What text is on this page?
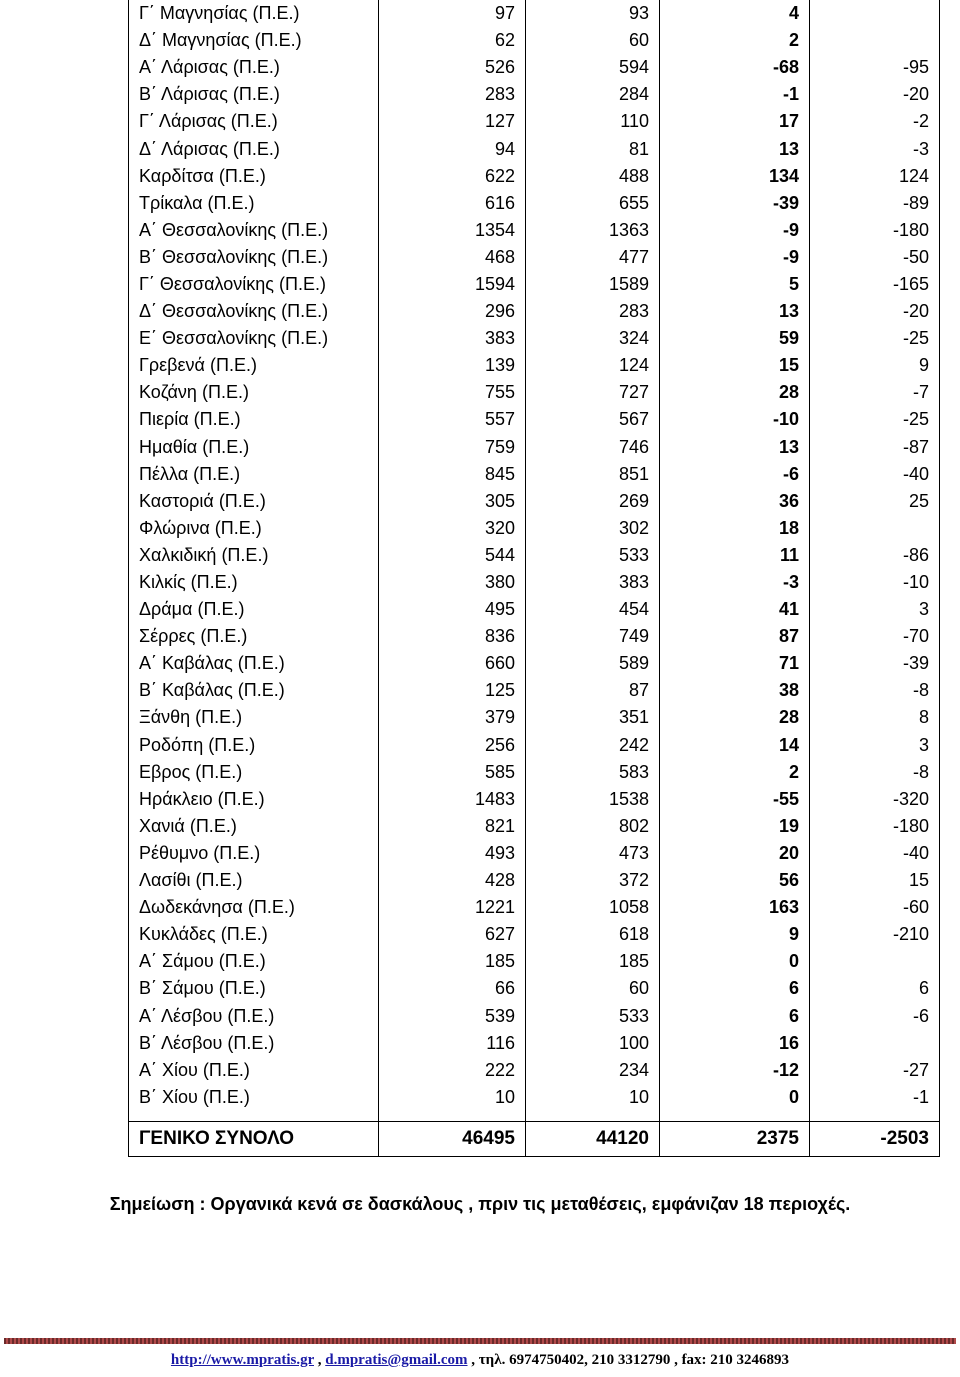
Γ΄ Μαγνησίας (Π.Ε.)	97	93	4	
Δ΄ Μαγνησίας (Π.Ε.)	62	60	2	
Α΄ Λάρισας (Π.Ε.)	526	594	-68	-95
Β΄ Λάρισας (Π.Ε.)	283	284	-1	-20
Γ΄ Λάρισας (Π.Ε.)	127	110	17	-2
Δ΄ Λάρισας (Π.Ε.)	94	81	13	-3
Καρδίτσα (Π.Ε.)	622	488	134	124
Τρίκαλα (Π.Ε.)	616	655	-39	-89
Α΄ Θεσσαλονίκης (Π.Ε.)	1354	1363	-9	-180
Β΄ Θεσσαλονίκης (Π.Ε.)	468	477	-9	-50
Γ΄ Θεσσαλονίκης (Π.Ε.)	1594	1589	5	-165
Δ΄ Θεσσαλονίκης (Π.Ε.)	296	283	13	-20
Ε΄ Θεσσαλονίκης (Π.Ε.)	383	324	59	-25
Γρεβενά (Π.Ε.)	139	124	15	9
Κοζάνη (Π.Ε.)	755	727	28	-7
Πιερία (Π.Ε.)	557	567	-10	-25
Ημαθία (Π.Ε.)	759	746	13	-87
Πέλλα (Π.Ε.)	845	851	-6	-40
Καστοριά (Π.Ε.)	305	269	36	25
Φλώρινα (Π.Ε.)	320	302	18	
Χαλκιδική (Π.Ε.)	544	533	11	-86
Κιλκίς (Π.Ε.)	380	383	-3	-10
Δράμα (Π.Ε.)	495	454	41	3
Σέρρες (Π.Ε.)	836	749	87	-70
Α΄ Καβάλας (Π.Ε.)	660	589	71	-39
Β΄ Καβάλας (Π.Ε.)	125	87	38	-8
Ξάνθη (Π.Ε.)	379	351	28	8
Ροδόπη (Π.Ε.)	256	242	14	3
Εβρος (Π.Ε.)	585	583	2	-8
Ηράκλειο (Π.Ε.)	1483	1538	-55	-320
Χανιά (Π.Ε.)	821	802	19	-180
Ρέθυμνο (Π.Ε.)	493	473	20	-40
Λασίθι (Π.Ε.)	428	372	56	15
Δωδεκάνησα (Π.Ε.)	1221	1058	163	-60
Κυκλάδες (Π.Ε.)	627	618	9	-210
Α΄ Σάμου (Π.Ε.)	185	185	0	
Β΄ Σάμου (Π.Ε.)	66	60	6	6
Α΄ Λέσβου (Π.Ε.)	539	533	6	-6
Β΄ Λέσβου (Π.Ε.)	116	100	16	
Α΄ Χίου (Π.Ε.)	222	234	-12	-27
Β΄ Χίου (Π.Ε.)	10	10	0	-1

ΓΕΝΙΚΟ ΣΥΝΟΛΟ	46495	44120	2375	-2503
Σημείωση : Οργανικά κενά σε δασκάλους , πριν τις μεταθέσεις, εμφάνιζαν 18 περιοχές.
http://www.mpratis.gr , d.mpratis@gmail.com , τηλ. 6974750402, 210 3312790 , fax: 210 3246893
